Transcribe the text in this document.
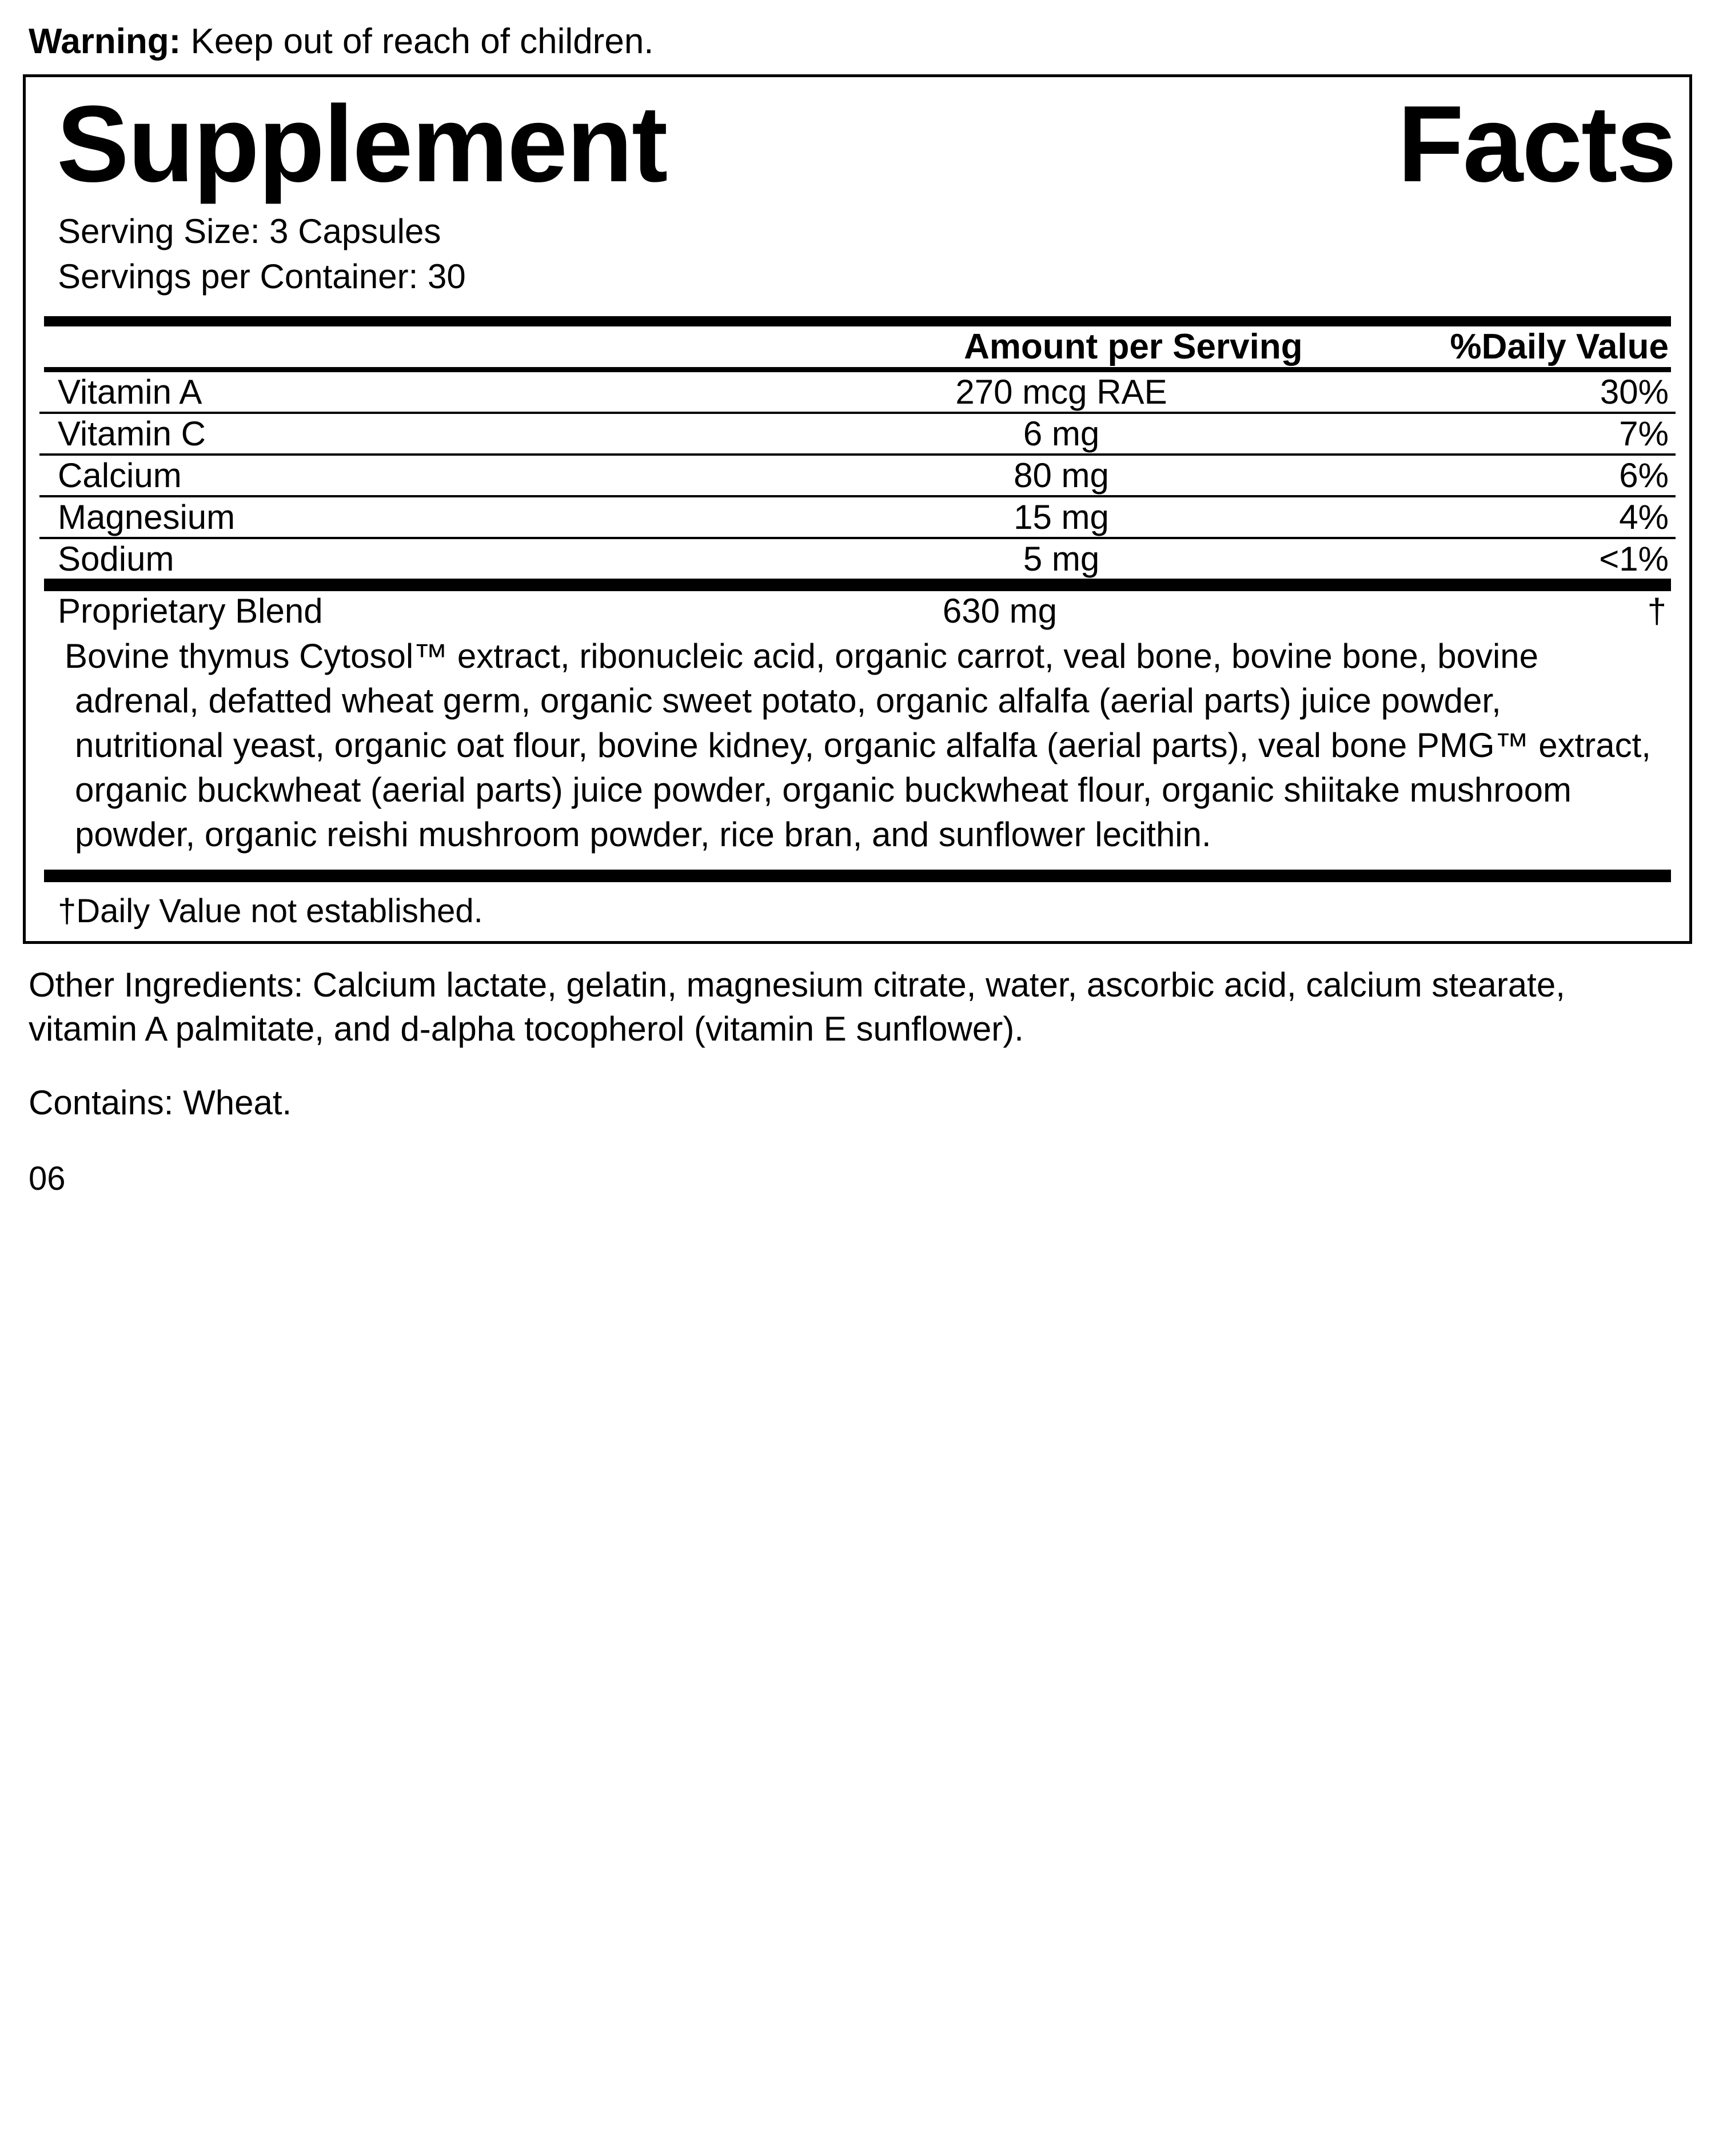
Warning: Keep out of reach of children.
Supplement	Facts
Serving Size: 3 Capsules
Servings per Container: 30
	Amount per Serving	%Daily Value
Vitamin A	270 mcg RAE	30%

Vitamin C	6 mg	7%

Calcium	80 mg	6%

Magnesium	15 mg	4%

Sodium	5 mg	<1%
Proprietary Blend	630 mg	†
Bovine thymus Cytosol™ extract, ribonucleic acid, organic carrot, veal bone, bovine bone, bovine adrenal, defatted wheat germ, organic sweet potato, organic alfalfa (aerial parts) juice powder, nutritional yeast, organic oat flour, bovine kidney, organic alfalfa (aerial parts), veal bone PMG™ extract, organic buckwheat (aerial parts) juice powder, organic buckwheat flour, organic shiitake mushroom powder, organic reishi mushroom powder, rice bran, and sunflower lecithin.
†Daily Value not established.
Other Ingredients: Calcium lactate, gelatin, magnesium citrate, water, ascorbic acid, calcium stearate, vitamin A palmitate, and d-alpha tocopherol (vitamin E sunflower).
Contains: Wheat.
06
